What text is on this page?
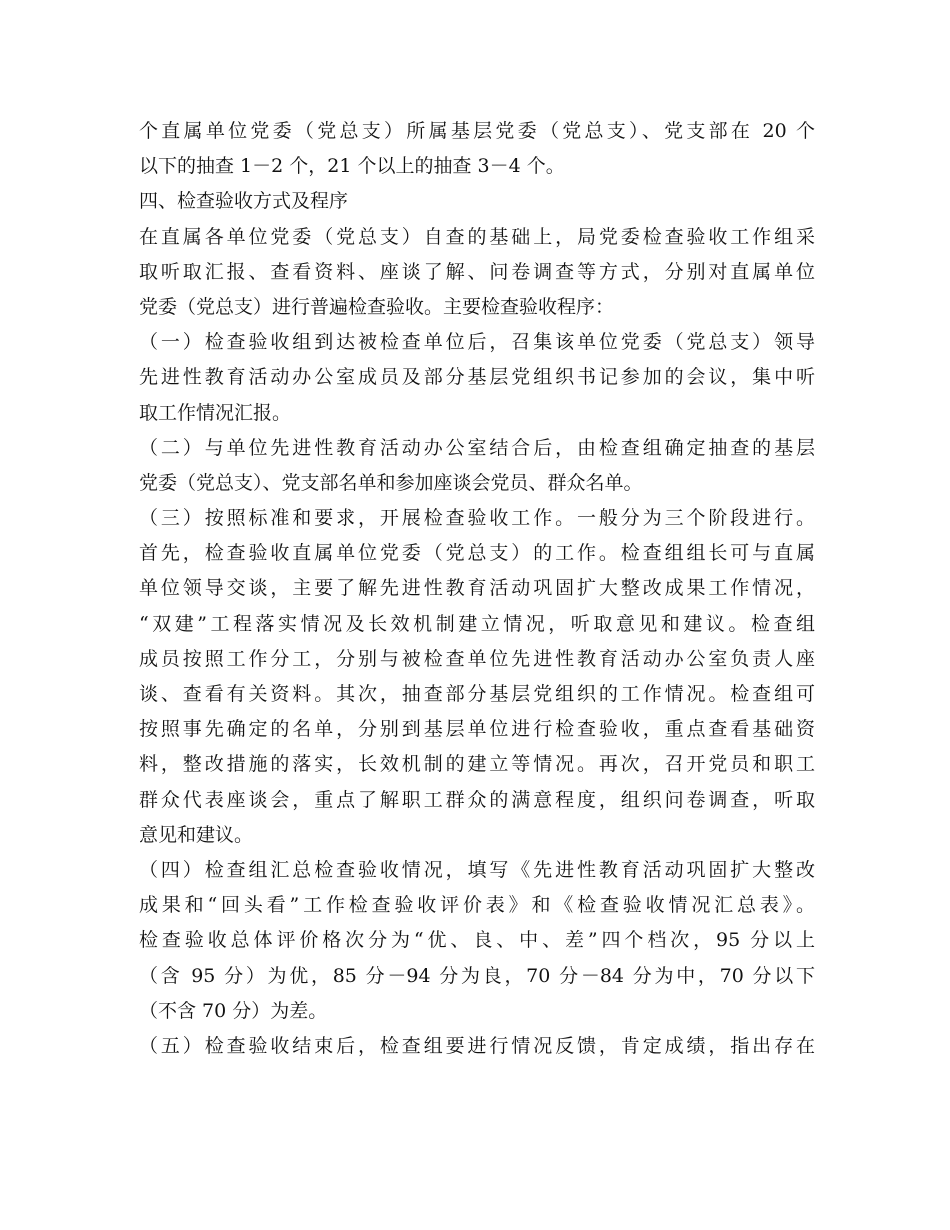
个直属单位党委（党总支）所属基层党委（党总支）、党支部在 20 个
以下的抽查 1－2 个，21 个以上的抽查 3－4 个。
四、检查验收方式及程序
在直属各单位党委（党总支）自查的基础上，局党委检查验收工作组采
取听取汇报、查看资料、座谈了解、问卷调查等方式，分别对直属单位
党委（党总支）进行普遍检查验收。主要检查验收程序：
（一）检查验收组到达被检查单位后，召集该单位党委（党总支）领导
先进性教育活动办公室成员及部分基层党组织书记参加的会议，集中听
取工作情况汇报。
（二）与单位先进性教育活动办公室结合后，由检查组确定抽查的基层
党委（党总支）、党支部名单和参加座谈会党员、群众名单。
（三）按照标准和要求，开展检查验收工作。一般分为三个阶段进行。
首先，检查验收直属单位党委（党总支）的工作。检查组组长可与直属
单位领导交谈，主要了解先进性教育活动巩固扩大整改成果工作情况，
“双建”工程落实情况及长效机制建立情况，听取意见和建议。检查组
成员按照工作分工，分别与被检查单位先进性教育活动办公室负责人座
谈、查看有关资料。其次，抽查部分基层党组织的工作情况。检查组可
按照事先确定的名单，分别到基层单位进行检查验收，重点查看基础资
料，整改措施的落实，长效机制的建立等情况。再次，召开党员和职工
群众代表座谈会，重点了解职工群众的满意程度，组织问卷调查，听取
意见和建议。
（四）检查组汇总检查验收情况，填写《先进性教育活动巩固扩大整改
成果和“回头看”工作检查验收评价表》和《检查验收情况汇总表》。
检查验收总体评价格次分为“优、良、中、差”四个档次，95 分以上
（含 95 分）为优，85 分－94 分为良，70 分－84 分为中，70 分以下
（不含 70 分）为差。
（五）检查验收结束后，检查组要进行情况反馈，肯定成绩，指出存在
